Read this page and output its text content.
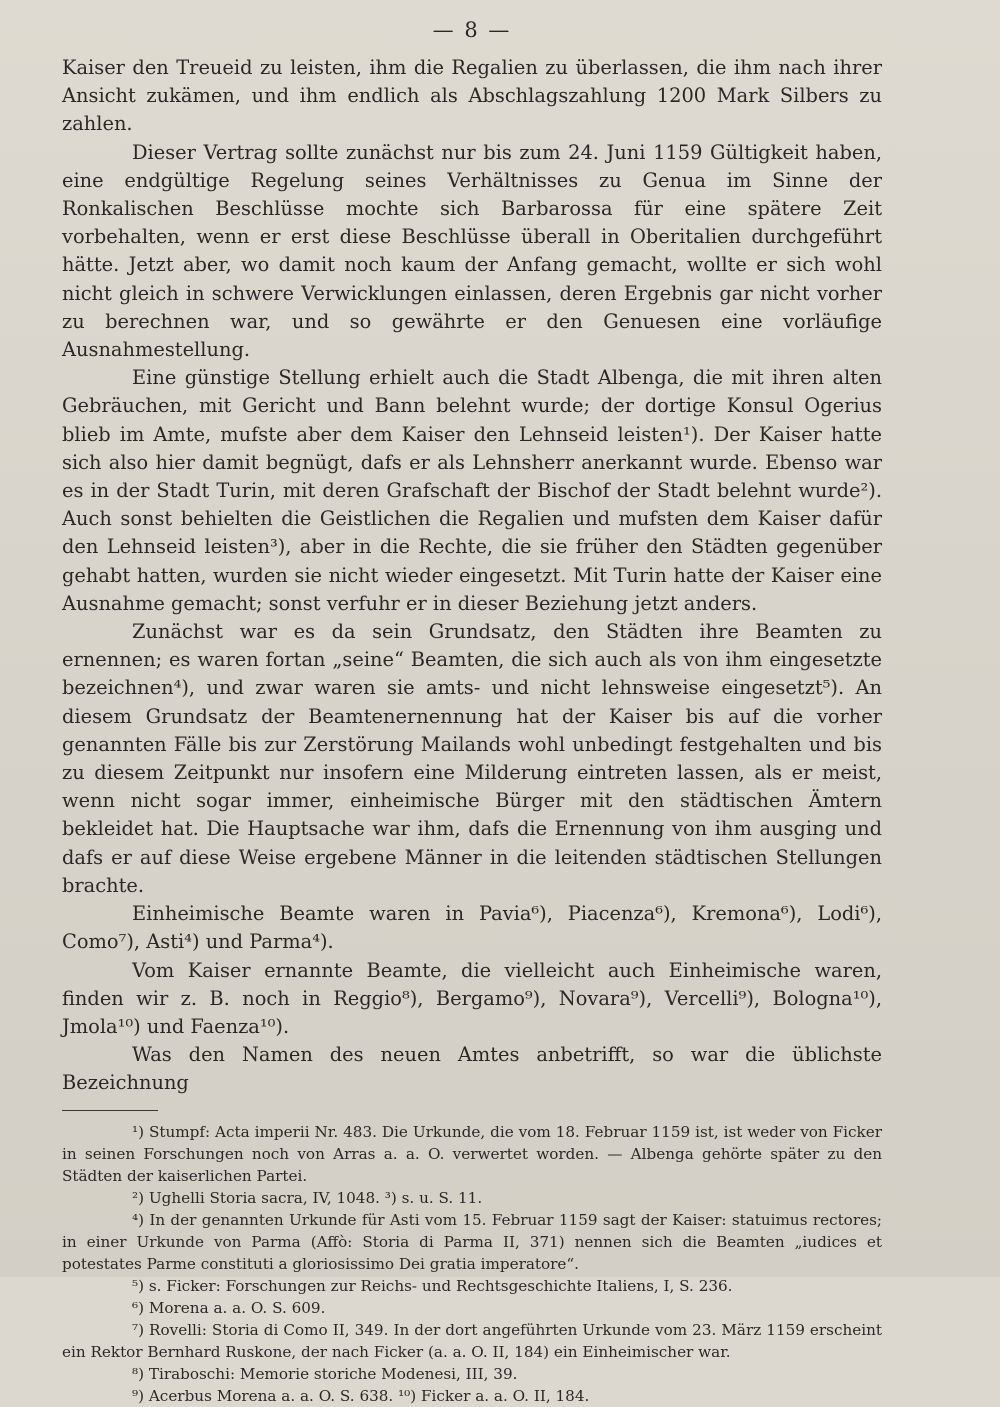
— 8 —

Kaiser den Treueid zu leisten, ihm die Regalien zu überlassen, die ihm nach ihrer Ansicht zukämen, und ihm endlich als Abschlagszahlung 1200 Mark Silbers zu zahlen.

Dieser Vertrag sollte zunächst nur bis zum 24. Juni 1159 Gültigkeit haben, eine endgültige Regelung seines Verhältnisses zu Genua im Sinne der Ronkalischen Beschlüsse mochte sich Barbarossa für eine spätere Zeit vorbehalten, wenn er erst diese Beschlüsse überall in Oberitalien durchgeführt hätte. Jetzt aber, wo damit noch kaum der Anfang gemacht, wollte er sich wohl nicht gleich in schwere Verwicklungen einlassen, deren Ergebnis gar nicht vorher zu berechnen war, und so gewährte er den Genuesen eine vorläufige Ausnahmestellung.

Eine günstige Stellung erhielt auch die Stadt Albenga, die mit ihren alten Gebräuchen, mit Gericht und Bann belehnt wurde; der dortige Konsul Ogerius blieb im Amte, mufste aber dem Kaiser den Lehnseid leisten¹). Der Kaiser hatte sich also hier damit begnügt, dafs er als Lehnsherr anerkannt wurde. Ebenso war es in der Stadt Turin, mit deren Grafschaft der Bischof der Stadt belehnt wurde²). Auch sonst behielten die Geistlichen die Regalien und mufsten dem Kaiser dafür den Lehnseid leisten³), aber in die Rechte, die sie früher den Städten gegenüber gehabt hatten, wurden sie nicht wieder eingesetzt. Mit Turin hatte der Kaiser eine Ausnahme gemacht; sonst verfuhr er in dieser Beziehung jetzt anders.

Zunächst war es da sein Grundsatz, den Städten ihre Beamten zu ernennen; es waren fortan „seine“ Beamten, die sich auch als von ihm eingesetzte bezeichnen⁴), und zwar waren sie amts- und nicht lehnsweise eingesetzt⁵). An diesem Grundsatz der Beamtenernennung hat der Kaiser bis auf die vorher genannten Fälle bis zur Zerstörung Mailands wohl unbedingt festgehalten und bis zu diesem Zeitpunkt nur insofern eine Milderung eintreten lassen, als er meist, wenn nicht sogar immer, einheimische Bürger mit den städtischen Ämtern bekleidet hat. Die Hauptsache war ihm, dafs die Ernennung von ihm ausging und dafs er auf diese Weise ergebene Männer in die leitenden städtischen Stellungen brachte.

Einheimische Beamte waren in Pavia⁶), Piacenza⁶), Kremona⁶), Lodi⁶), Como⁷), Asti⁴) und Parma⁴).

Vom Kaiser ernannte Beamte, die vielleicht auch Einheimische waren, finden wir z. B. noch in Reggio⁸), Bergamo⁹), Novara⁹), Vercelli⁹), Bologna¹⁰), Jmola¹⁰) und Faenza¹⁰).

Was den Namen des neuen Amtes anbetrifft, so war die üblichste Bezeichnung

¹) Stumpf: Acta imperii Nr. 483. Die Urkunde, die vom 18. Februar 1159 ist, ist weder von Ficker in seinen Forschungen noch von Arras a. a. O. verwertet worden. — Albenga gehörte später zu den Städten der kaiserlichen Partei.

²) Ughelli Storia sacra, IV, 1048. ³) s. u. S. 11.

⁴) In der genannten Urkunde für Asti vom 15. Februar 1159 sagt der Kaiser: statuimus rectores; in einer Urkunde von Parma (Affò: Storia di Parma II, 371) nennen sich die Beamten „iudices et potestates Parme constituti a gloriosissimo Dei gratia imperatore“.

⁵) s. Ficker: Forschungen zur Reichs- und Rechtsgeschichte Italiens, I, S. 236.

⁶) Morena a. a. O. S. 609.

⁷) Rovelli: Storia di Como II, 349. In der dort angeführten Urkunde vom 23. März 1159 erscheint ein Rektor Bernhard Ruskone, der nach Ficker (a. a. O. II, 184) ein Einheimischer war.

⁸) Tiraboschi: Memorie storiche Modenesi, III, 39.

⁹) Acerbus Morena a. a. O. S. 638. ¹⁰) Ficker a. a. O. II, 184.
